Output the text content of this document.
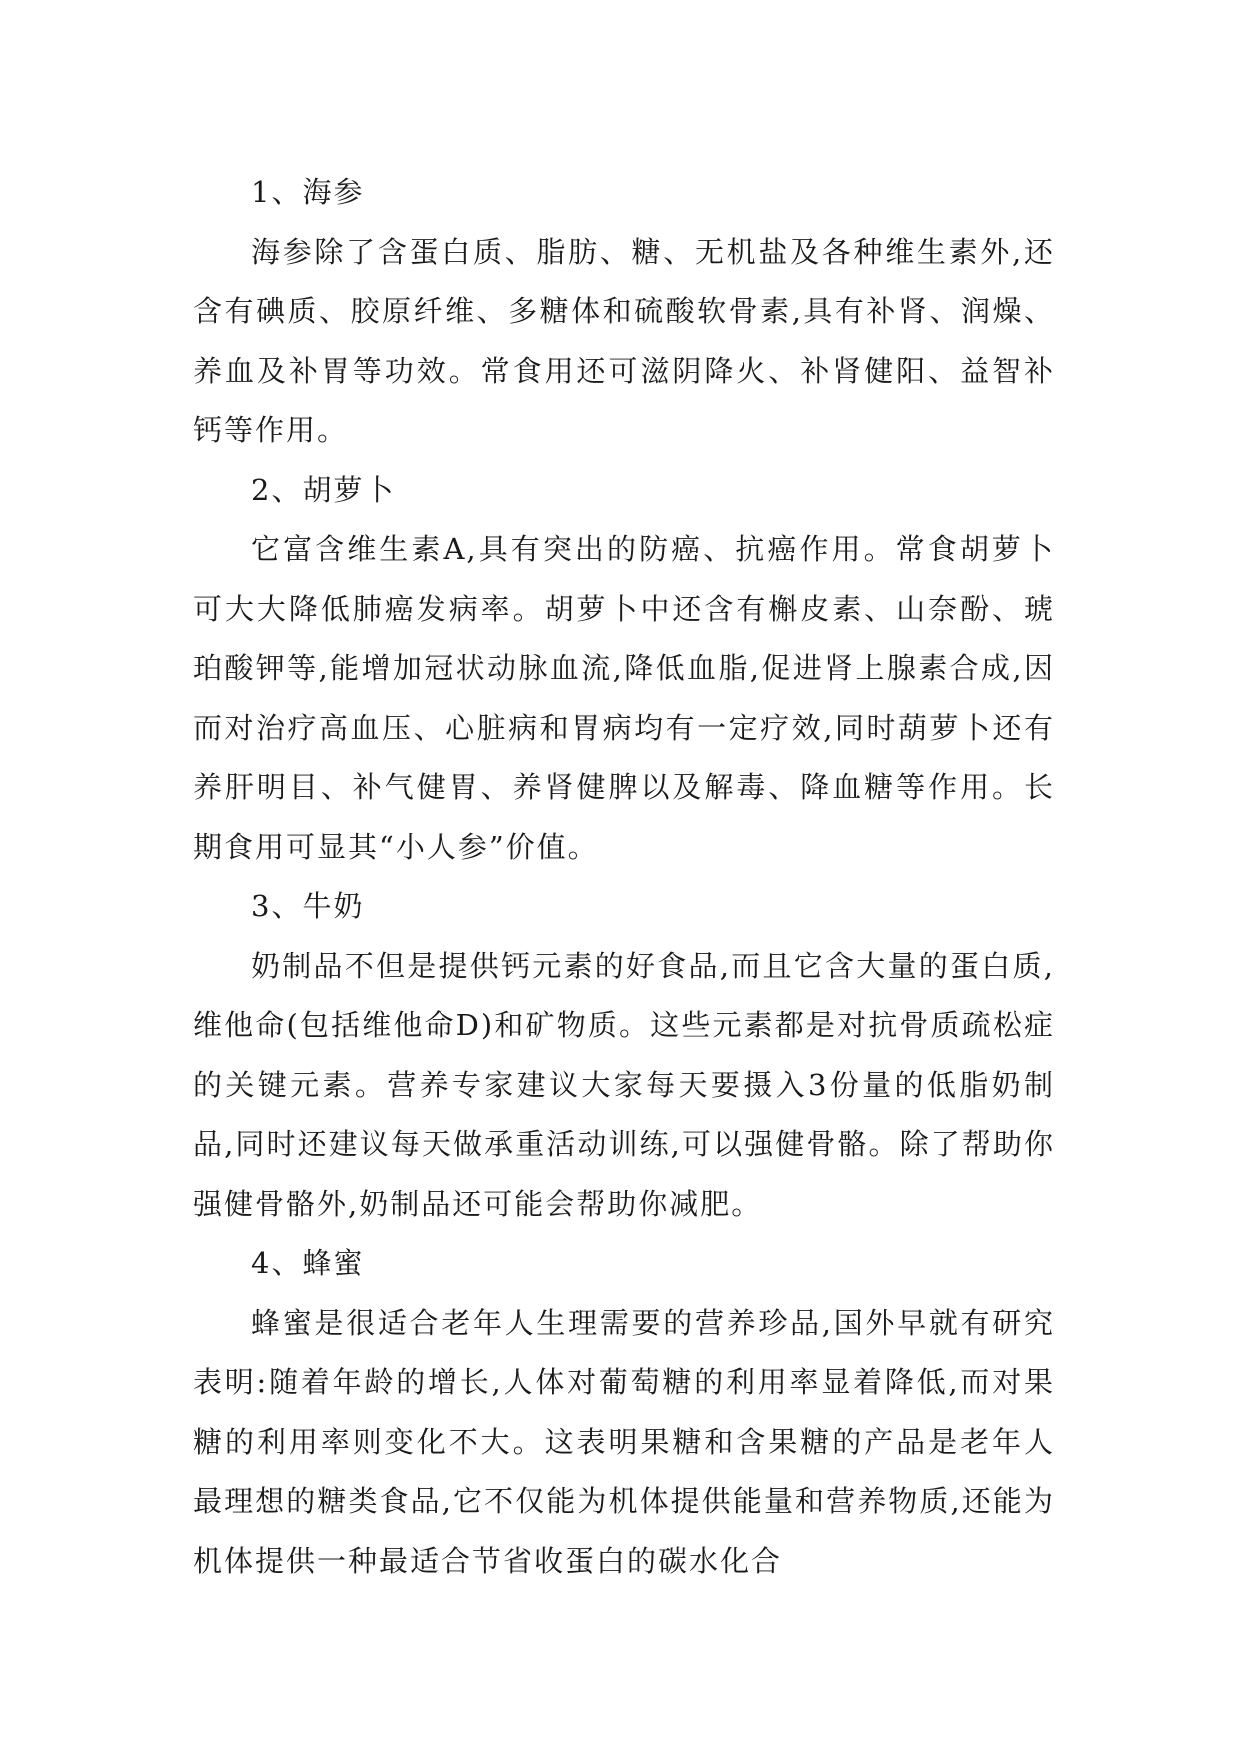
1、海参

海参除了含蛋白质、脂肪、糖、无机盐及各种维生素外,还含有碘质、胶原纤维、多糖体和硫酸软骨素,具有补肾、润燥、养血及补胃等功效。常食用还可滋阴降火、补肾健阳、益智补钙等作用。

2、胡萝卜

它富含维生素A,具有突出的防癌、抗癌作用。常食胡萝卜可大大降低肺癌发病率。胡萝卜中还含有槲皮素、山奈酚、琥珀酸钾等,能增加冠状动脉血流,降低血脂,促进肾上腺素合成,因而对治疗高血压、心脏病和胃病均有一定疗效,同时葫萝卜还有养肝明目、补气健胃、养肾健脾以及解毒、降血糖等作用。长期食用可显其“小人参”价值。

3、牛奶

奶制品不但是提供钙元素的好食品,而且它含大量的蛋白质,维他命(包括维他命D)和矿物质。这些元素都是对抗骨质疏松症的关键元素。营养专家建议大家每天要摄入3份量的低脂奶制品,同时还建议每天做承重活动训练,可以强健骨骼。除了帮助你强健骨骼外,奶制品还可能会帮助你减肥。

4、蜂蜜

蜂蜜是很适合老年人生理需要的营养珍品,国外早就有研究表明:随着年龄的增长,人体对葡萄糖的利用率显着降低,而对果糖的利用率则变化不大。这表明果糖和含果糖的产品是老年人最理想的糖类食品,它不仅能为机体提供能量和营养物质,还能为机体提供一种最适合节省收蛋白的碳水化合
